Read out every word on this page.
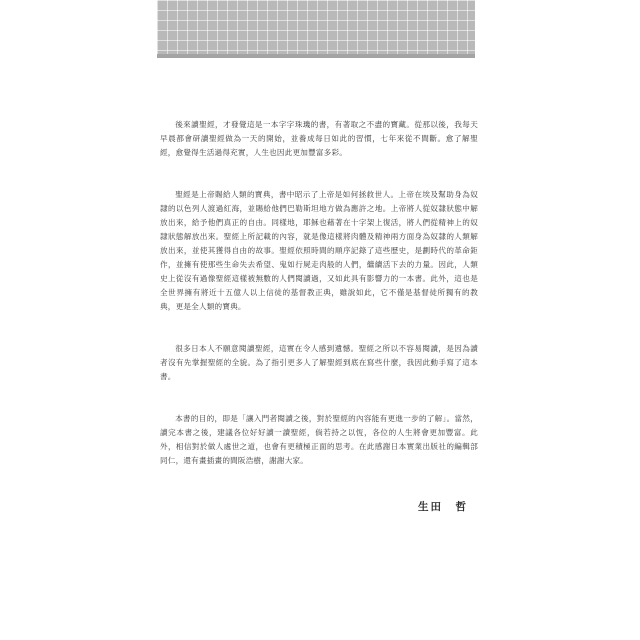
後來讀聖經，才發覺這是一本字字珠璣的書，有著取之不盡的寶藏。從那以後，我每天早晨都會研讀聖經做為一天的開始，並養成每日如此的習慣，七年來從不間斷。愈了解聖經，愈覺得生活過得充實，人生也因此更加豐富多彩。

聖經是上帝賜給人類的寶典，書中昭示了上帝是如何拯救世人。上帝在埃及幫助身為奴隸的以色列人渡過紅海，並賜給他們巴勒斯坦地方做為應許之地。上帝將人從奴隸狀態中解放出來，給予他們真正的自由。同樣地，耶穌也藉著在十字架上復活，將人們從精神上的奴隸狀態解放出來。聖經上所記載的內容，就是像這樣將肉體及精神兩方面身為奴隸的人類解放出來，並使其獲得自由的故事。聖經依照時間的順序記錄了這些歷史，是劃時代的革命鉅作，並擁有使那些生命失去希望、鬼如行屍走肉般的人們，繼續活下去的力量。因此，人類史上從沒有過像聖經這樣被無數的人們閱讀過，又如此具有影響力的一本書。此外，這也是全世界擁有將近十五億人以上信徒的基督教正典，雖說如此，它不僅是基督徒所獨有的教典，更是全人類的寶典。

很多日本人不願意閱讀聖經，這實在令人感到遺憾。聖經之所以不容易閱讀，是因為讀者沒有先掌握聖經的全貌。為了指引更多人了解聖經到底在寫些什麼，我因此動手寫了這本書。

本書的目的，即是「讓入門者閱讀之後，對於聖經的內容能有更進一步的了解」。當然，讀完本書之後，建議各位好好讀一讀聖經，倘若持之以恆，各位的人生將會更加豐富。此外，相信對於做人處世之道，也會有更積極正面的思考。在此感謝日本實業出版社的編輯部同仁，還有畫插畫的間阪浩樹，謝謝大家。

生田　哲
